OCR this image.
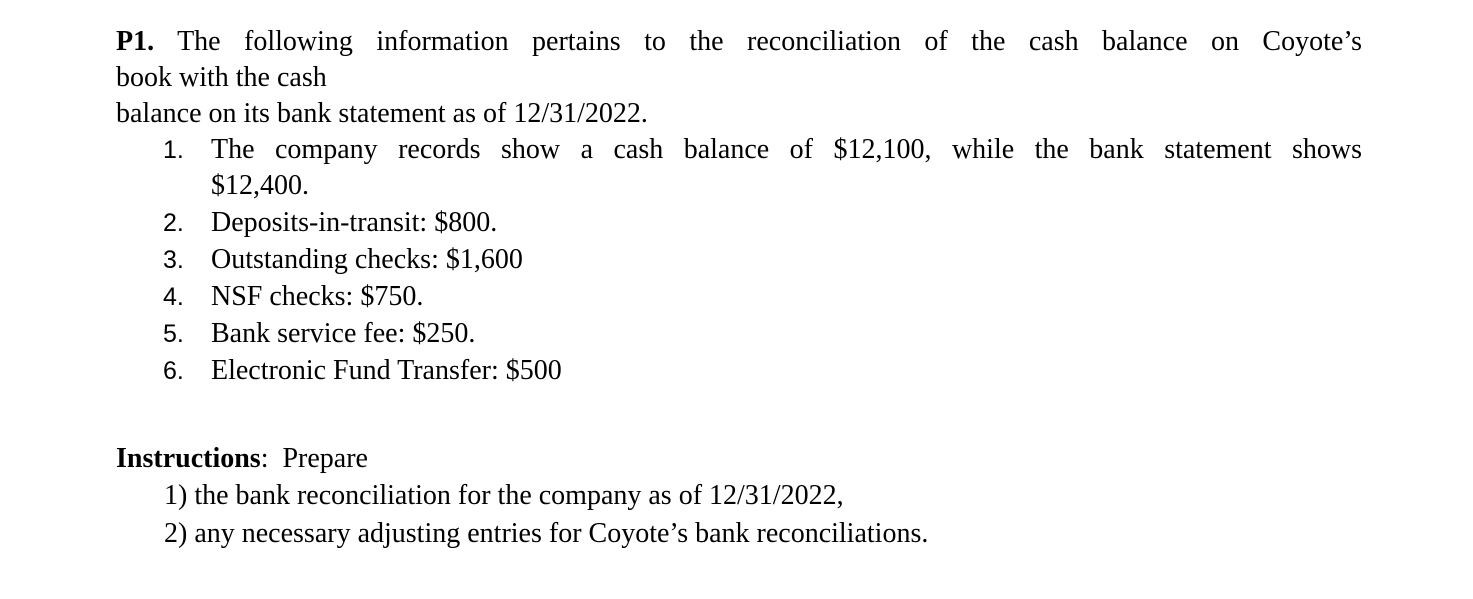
P1. The following information pertains to the reconciliation of the cash balance on Coyote’s

book with the cash

balance on its bank statement as of 12/31/2022.

1. The company records show a cash balance of $12,100, while the bank statement shows
$12,400.
2. Deposits-in-transit: $800.
3. Outstanding checks: $1,600
4. NSF checks: $750.
5. Bank service fee: $250.
6. Electronic Fund Transfer: $500

Instructions: Prepare

1) the bank reconciliation for the company as of 12/31/2022,
2) any necessary adjusting entries for Coyote’s bank reconciliations.
